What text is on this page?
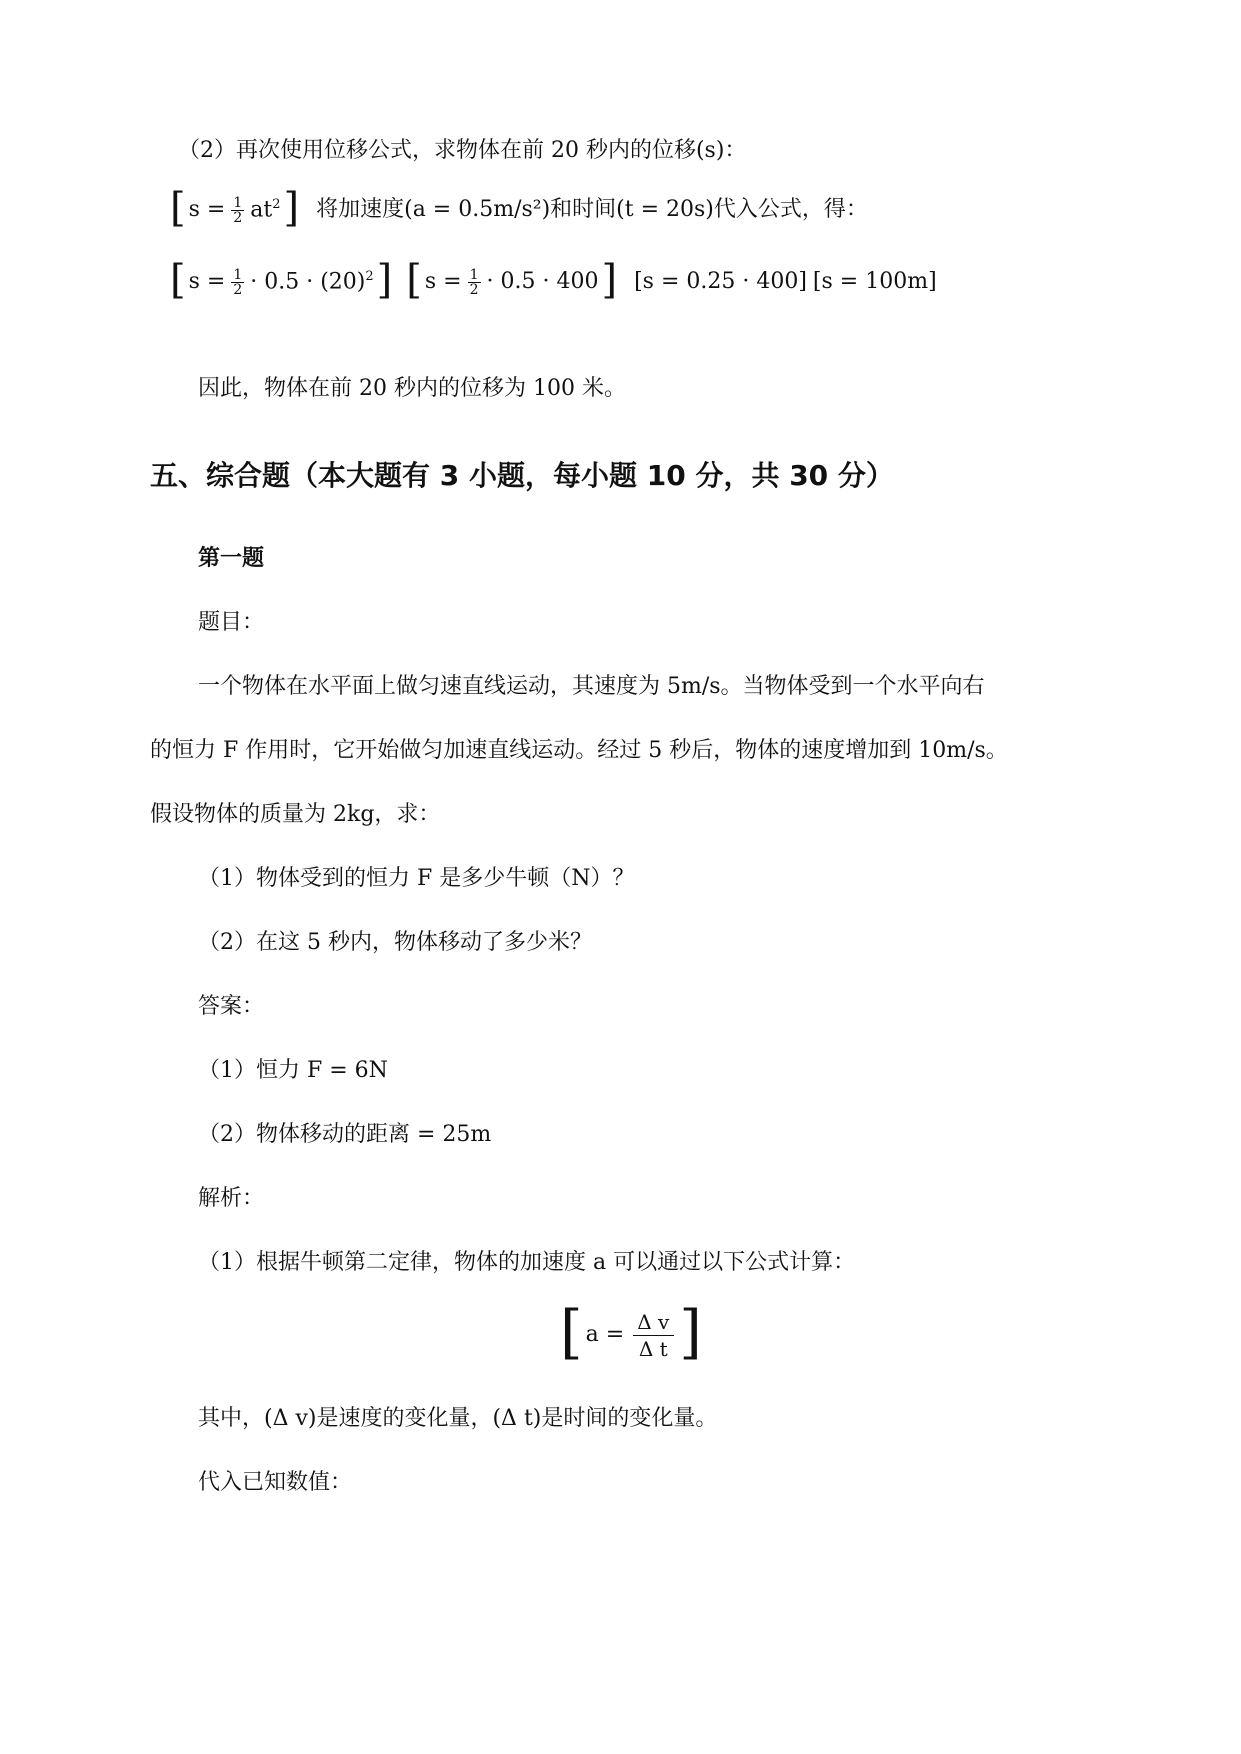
（2）再次使用位移公式，求物体在前 20 秒内的位移(s)：
[ $s = \frac{1}{2} at^2$ ] 将加速度(a = 0.5m/s²)和时间(t = 20s)代入公式，得：
[ $s = \frac{1}{2} \cdot 0.5 \cdot (20)^2$ ] [ $s = \frac{1}{2} \cdot 0.5 \cdot 400$ ] [s = 0.25 · 400] [s = 100m]
因此，物体在前 20 秒内的位移为 100 米。
五、综合题（本大题有 3 小题，每小题 10 分，共 30 分）
第一题
题目：
一个物体在水平面上做匀速直线运动，其速度为 5m/s。当物体受到一个水平向右
的恒力 F 作用时，它开始做匀加速直线运动。经过 5 秒后，物体的速度增加到 10m/s。
假设物体的质量为 2kg，求：
（1）物体受到的恒力 F 是多少牛顿（N）？
（2）在这 5 秒内，物体移动了多少米？
答案：
（1）恒力 F = 6N
（2）物体移动的距离 = 25m
解析：
（1）根据牛顿第二定律，物体的加速度 a 可以通过以下公式计算：
[ $a = \frac{\text{Δ v}}{\text{Δ t}}$ ]
其中，(Δ v)是速度的变化量，(Δ t)是时间的变化量。
代入已知数值：
